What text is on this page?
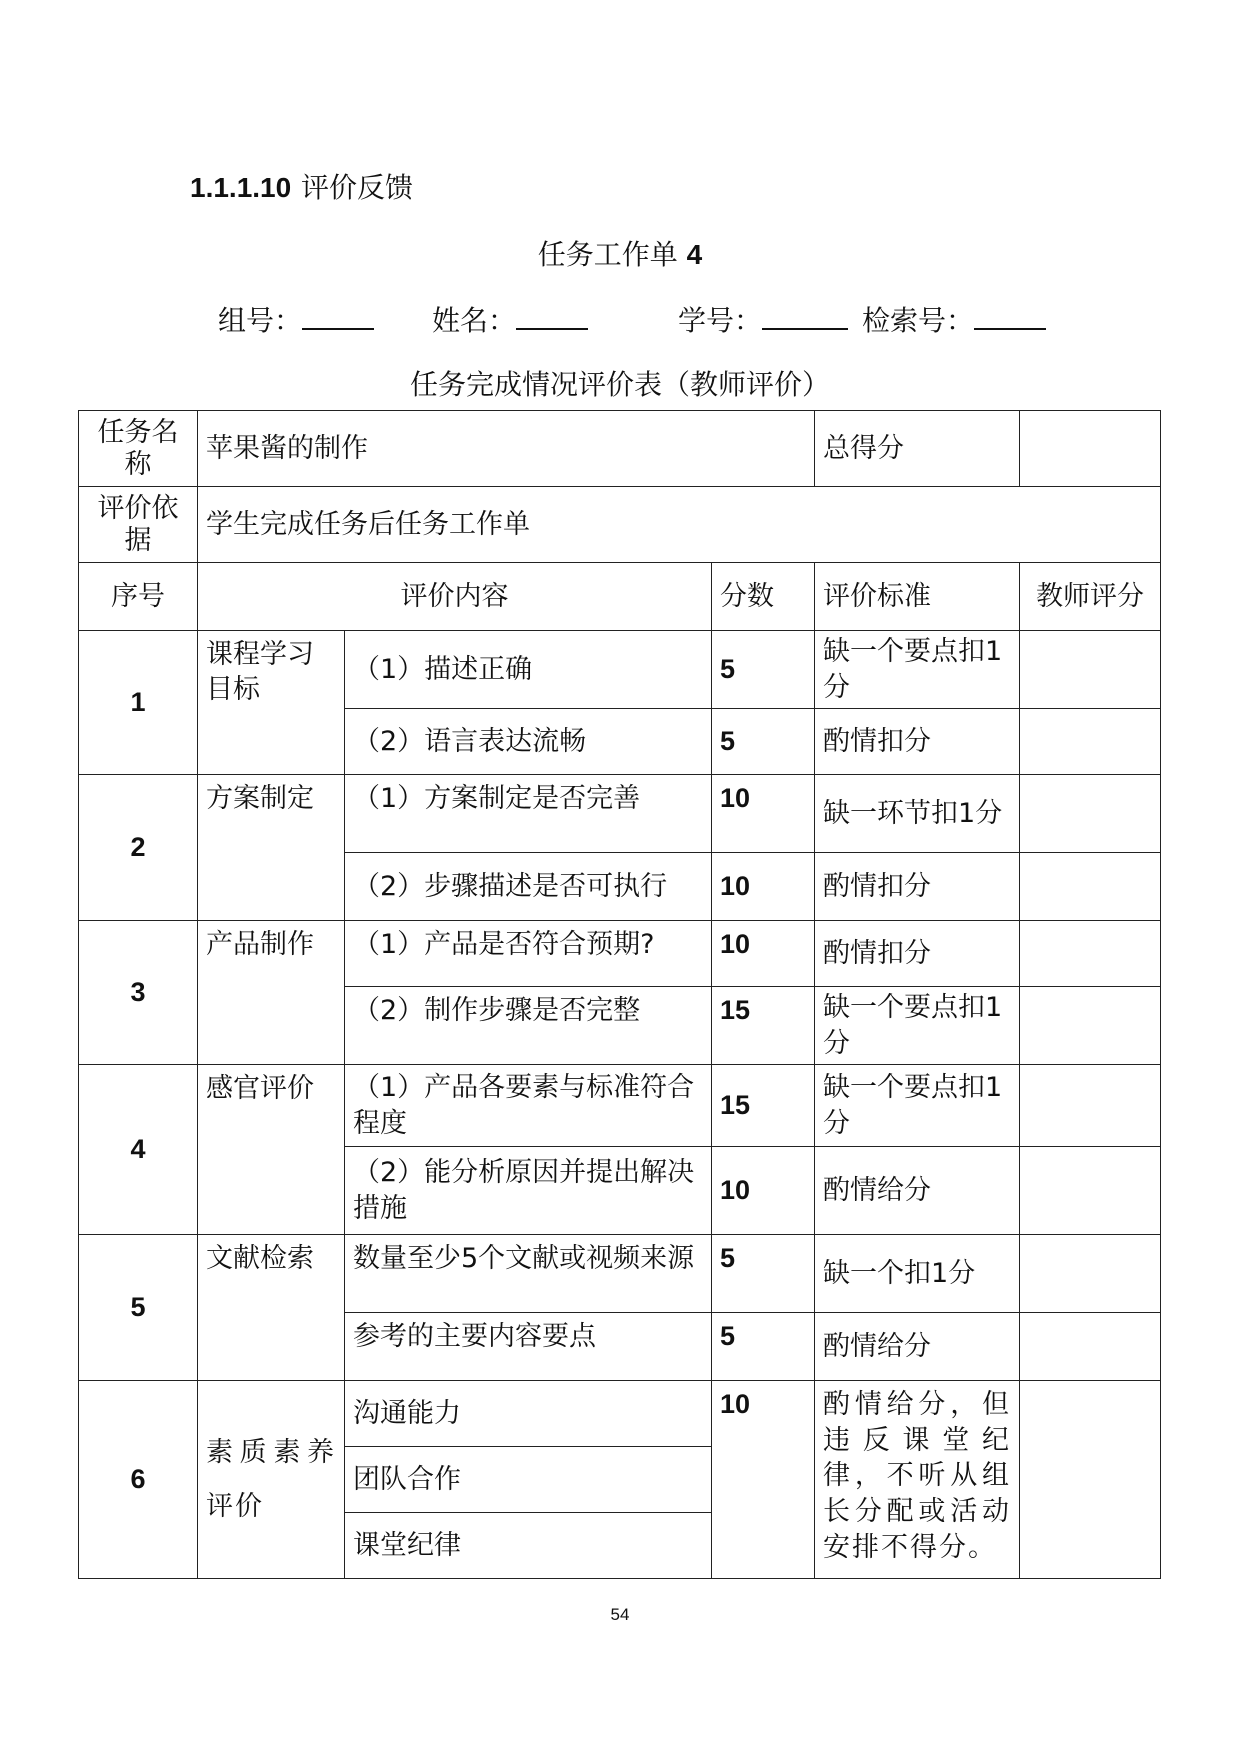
1.1.1.10 评价反馈
任务工作单 4
组号：	姓名：	学号：	检索号：
任务完成情况评价表（教师评价）
任务名称	苹果酱的制作			总得分	
评价依据	学生完成任务后任务工作单				
序号	评价内容		分数	评价标准	教师评分
1	课程学习目标	（1）描述正确	5	缺一个要点扣1分	
		（2）语言表达流畅	5	酌情扣分	
2	方案制定	（1）方案制定是否完善	10	缺一环节扣1分	
		（2）步骤描述是否可执行	10	酌情扣分	
3	产品制作	（1）产品是否符合预期?	10	酌情扣分	
		（2）制作步骤是否完整	15	缺一个要点扣1分	
4	感官评价	（1）产品各要素与标准符合程度	15	缺一个要点扣1分	
		（2）能分析原因并提出解决措施	10	酌情给分	
5	文献检索	数量至少5个文献或视频来源	5	缺一个扣1分	
		参考的主要内容要点	5	酌情给分	
6	素质素养评价	沟通能力	10	酌情给分，但违反课堂纪律，不听从组长分配或活动安排不得分。	
		团队合作			
		课堂纪律			
54
